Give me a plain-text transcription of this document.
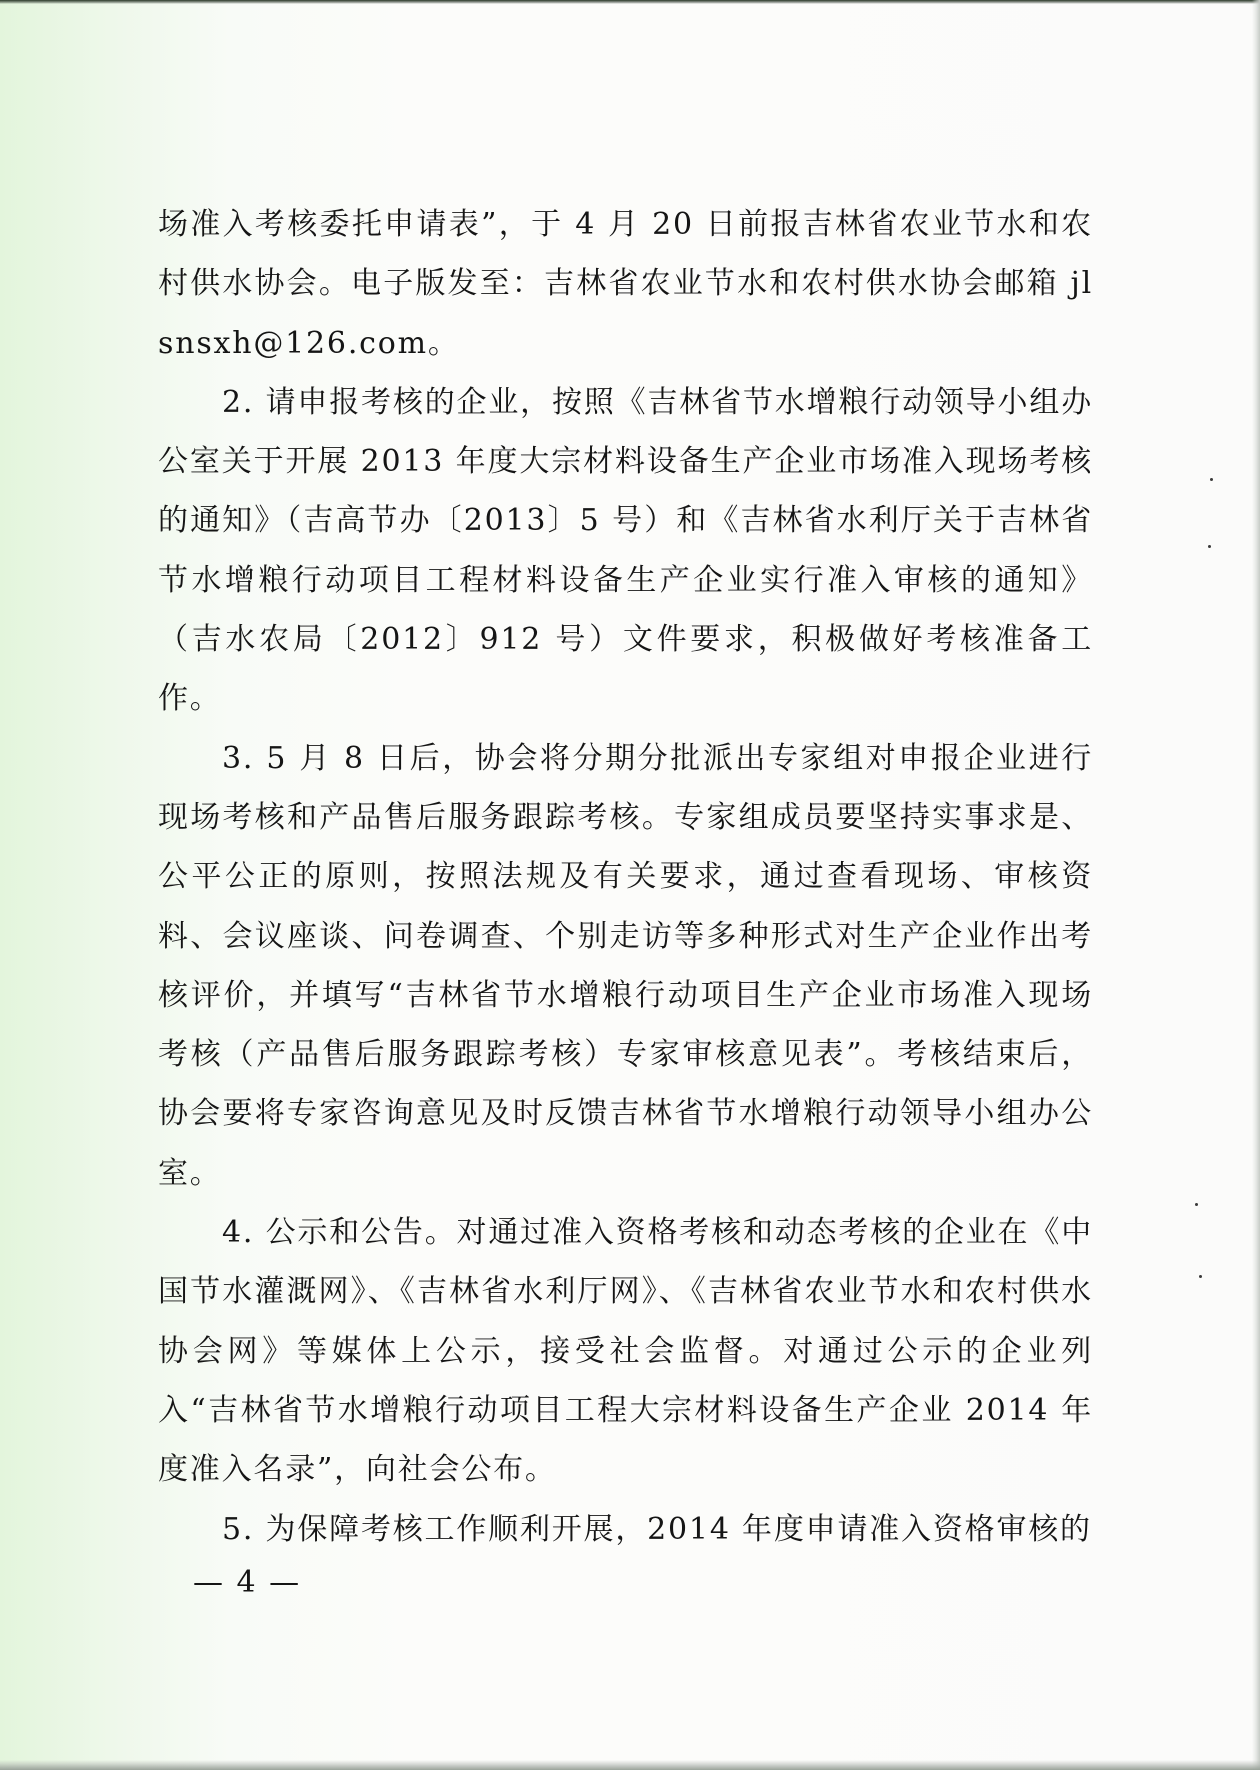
场准入考核委托申请表”，于 4 月 20 日前报吉林省农业节水和农村供水协会。电子版发至：吉林省农业节水和农村供水协会邮箱 jlsnsxh@126.com。

2. 请申报考核的企业，按照《吉林省节水增粮行动领导小组办公室关于开展 2013 年度大宗材料设备生产企业市场准入现场考核的通知》（吉高节办〔2013〕5 号）和《吉林省水利厅关于吉林省节水增粮行动项目工程材料设备生产企业实行准入审核的通知》（吉水农局〔2012〕912 号）文件要求，积极做好考核准备工作。

3. 5 月 8 日后，协会将分期分批派出专家组对申报企业进行现场考核和产品售后服务跟踪考核。专家组成员要坚持实事求是、公平公正的原则，按照法规及有关要求，通过查看现场、审核资料、会议座谈、问卷调查、个别走访等多种形式对生产企业作出考核评价，并填写“吉林省节水增粮行动项目生产企业市场准入现场考核（产品售后服务跟踪考核）专家审核意见表”。考核结束后，协会要将专家咨询意见及时反馈吉林省节水增粮行动领导小组办公室。

4. 公示和公告。对通过准入资格考核和动态考核的企业在《中国节水灌溉网》、《吉林省水利厅网》、《吉林省农业节水和农村供水协会网》等媒体上公示，接受社会监督。对通过公示的企业列入“吉林省节水增粮行动项目工程大宗材料设备生产企业 2014 年度准入名录”，向社会公布。

5. 为保障考核工作顺利开展，2014 年度申请准入资格审核的

— 4 —
